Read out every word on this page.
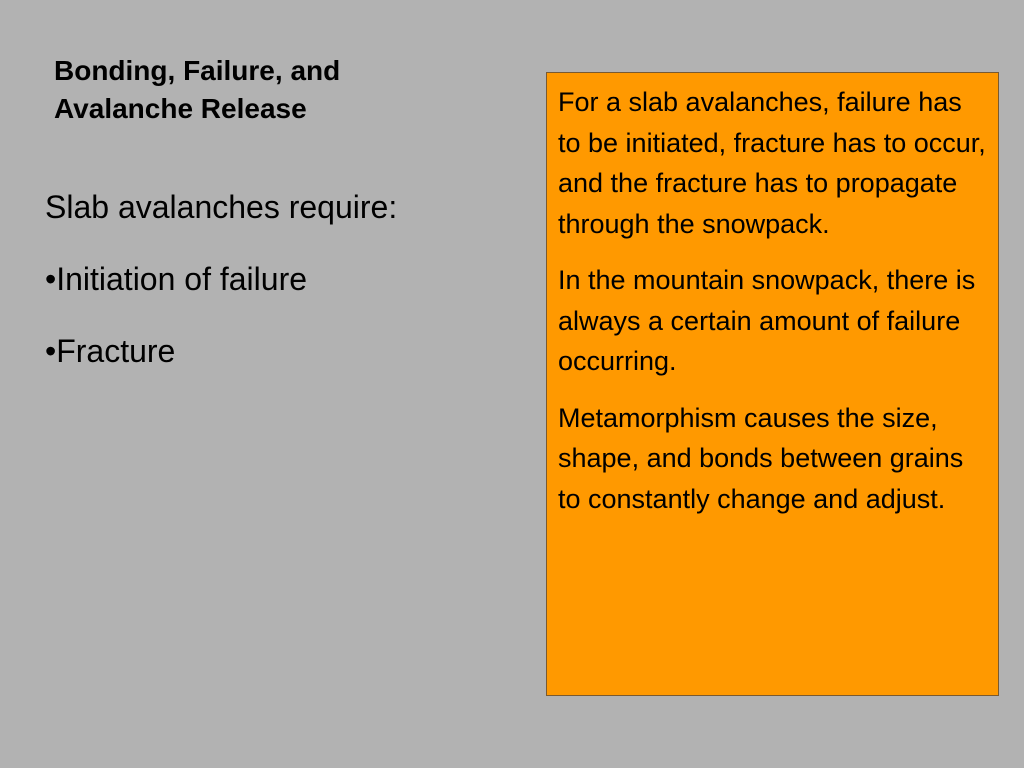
Bonding, Failure, and Avalanche Release

Slab avalanches require:

•Initiation of failure

•Fracture

For a slab avalanches, failure has to be initiated, fracture has to occur, and the fracture has to propagate through the snowpack.

In the mountain snowpack, there is always a certain amount of failure occurring.

Metamorphism causes the size, shape, and bonds between grains to constantly change and adjust.
